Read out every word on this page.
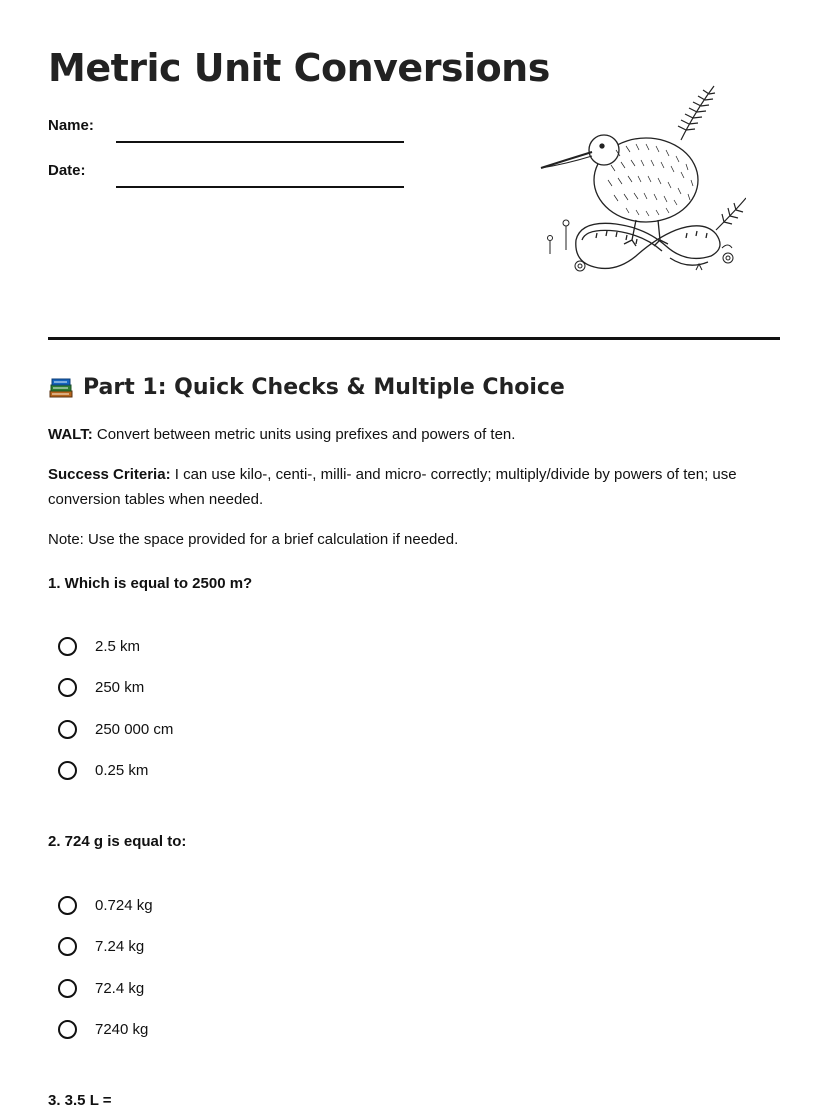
Metric Unit Conversions
Name:
Date:
Part 1: Quick Checks & Multiple Choice

WALT: Convert between metric units using prefixes and powers of ten.

Success Criteria: I can use kilo-, centi-, milli- and micro- correctly; multiply/divide by powers of ten; use conversion tables when needed.

Note: Use the space provided for a brief calculation if needed.

1. Which is equal to 2500 m?

2.5 km
250 km
250 000 cm
0.25 km

2. 724 g is equal to:

0.724 kg
7.24 kg
72.4 kg
7240 kg

3. 3.5 L =
